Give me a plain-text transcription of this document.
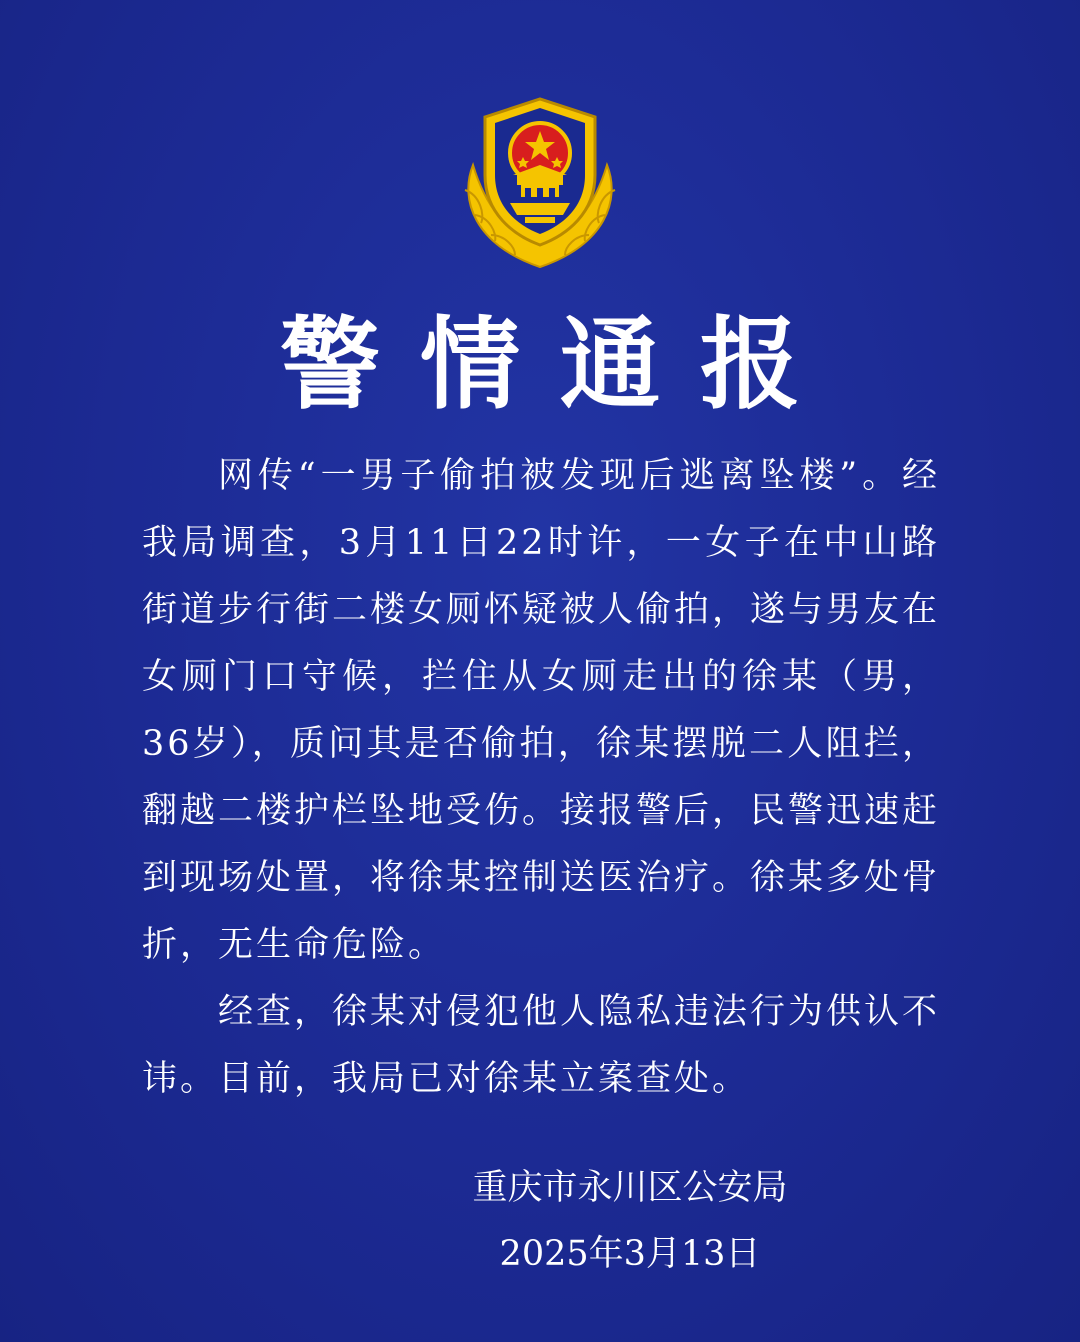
警情通报

网传“一男子偷拍被发现后逃离坠楼”。经我局调查，3月11日22时许，一女子在中山路街道步行街二楼女厕怀疑被人偷拍，遂与男友在女厕门口守候，拦住从女厕走出的徐某（男，36岁），质问其是否偷拍，徐某摆脱二人阻拦，翻越二楼护栏坠地受伤。接报警后，民警迅速赶到现场处置，将徐某控制送医治疗。徐某多处骨折，无生命危险。

经查，徐某对侵犯他人隐私违法行为供认不讳。目前，我局已对徐某立案查处。

重庆市永川区公安局
2025年3月13日
